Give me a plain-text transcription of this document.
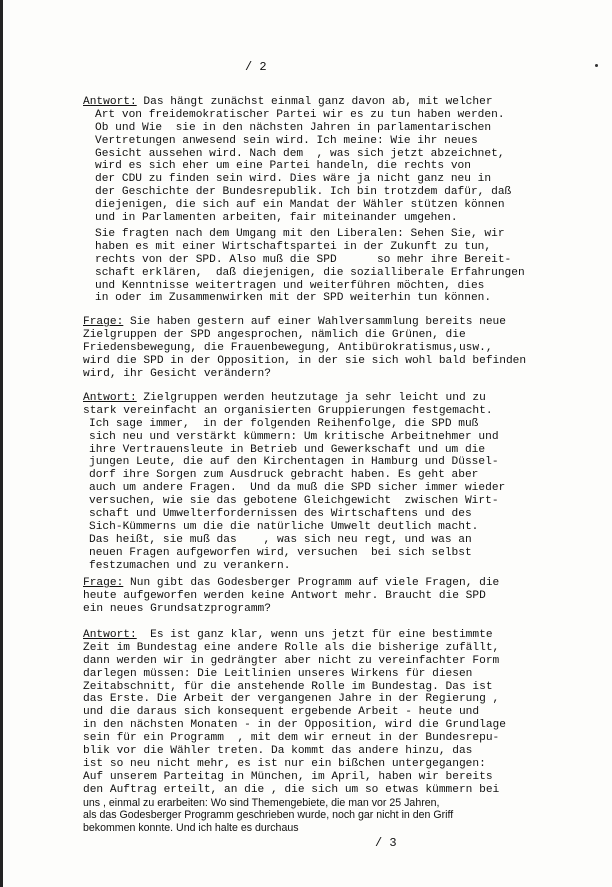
/ 2
Antwort: Das hängt zunächst einmal ganz davon ab, mit welcher
Art von freidemokratischer Partei wir es zu tun haben werden.
Ob und Wie  sie in den nächsten Jahren in parlamentarischen
Vertretungen anwesend sein wird. Ich meine: Wie ihr neues
Gesicht aussehen wird. Nach dem  , was sich jetzt abzeichnet,
wird es sich eher um eine Partei handeln, die rechts von
der CDU zu finden sein wird. Dies wäre ja nicht ganz neu in
der Geschichte der Bundesrepublik. Ich bin trotzdem dafür, daß
diejenigen, die sich auf ein Mandat der Wähler stützen können
und in Parlamenten arbeiten, fair miteinander umgehen.
Sie fragten nach dem Umgang mit den Liberalen: Sehen Sie, wir
haben es mit einer Wirtschaftspartei in der Zukunft zu tun,
rechts von der SPD. Also muß die SPD      so mehr ihre Bereit-
schaft erklären,  daß diejenigen, die sozialliberale Erfahrungen
und Kenntnisse weitertragen und weiterführen möchten, dies
in oder im Zusammenwirken mit der SPD weiterhin tun können.
Frage: Sie haben gestern auf einer Wahlversammlung bereits neue
Zielgruppen der SPD angesprochen, nämlich die Grünen, die
Friedensbewegung, die Frauenbewegung, Antibürokratismus,usw.,
wird die SPD in der Opposition, in der sie sich wohl bald befinden
wird, ihr Gesicht verändern?
Antwort: Zielgruppen werden heutzutage ja sehr leicht und zu
stark vereinfacht an organisierten Gruppierungen festgemacht.
Ich sage immer,  in der folgenden Reihenfolge, die SPD muß
sich neu und verstärkt kümmern: Um kritische Arbeitnehmer und
ihre Vertrauensleute in Betrieb und Gewerkschaft und um die
jungen Leute, die auf den Kirchentagen in Hamburg und Düssel-
dorf ihre Sorgen zum Ausdruck gebracht haben. Es geht aber
auch um andere Fragen.  Und da muß die SPD sicher immer wieder
versuchen, wie sie das gebotene Gleichgewicht  zwischen Wirt-
schaft und Umwelterfordernissen des Wirtschaftens und des
Sich-Kümmerns um die die natürliche Umwelt deutlich macht.
Das heißt, sie muß das    , was sich neu regt, und was an
neuen Fragen aufgeworfen wird, versuchen  bei sich selbst
festzumachen und zu verankern.
Frage: Nun gibt das Godesberger Programm auf viele Fragen, die
heute aufgeworfen werden keine Antwort mehr. Braucht die SPD
ein neues Grundsatzprogramm?
Antwort:  Es ist ganz klar, wenn uns jetzt für eine bestimmte
Zeit im Bundestag eine andere Rolle als die bisherige zufällt,
dann werden wir in gedrängter aber nicht zu vereinfachter Form
darlegen müssen: Die Leitlinien unseres Wirkens für diesen
Zeitabschnitt, für die anstehende Rolle im Bundestag. Das ist
das Erste. Die Arbeit der vergangenen Jahre in der Regierung ,
und die daraus sich konsequent ergebende Arbeit - heute und
in den nächsten Monaten - in der Opposition, wird die Grundlage
sein für ein Programm  , mit dem wir erneut in der Bundesrepu-
blik vor die Wähler treten. Da kommt das andere hinzu, das
ist so neu nicht mehr, es ist nur ein bißchen untergegangen:
Auf unserem Parteitag in München, im April, haben wir bereits
den Auftrag erteilt, an die , die sich um so etwas kümmern bei
uns , einmal zu erarbeiten: Wo sind Themengebiete, die man vor 25 Jahren,
als das Godesberger Programm geschrieben wurde, noch gar nicht in den Griff
bekommen konnte. Und ich halte es durchaus
/ 3
